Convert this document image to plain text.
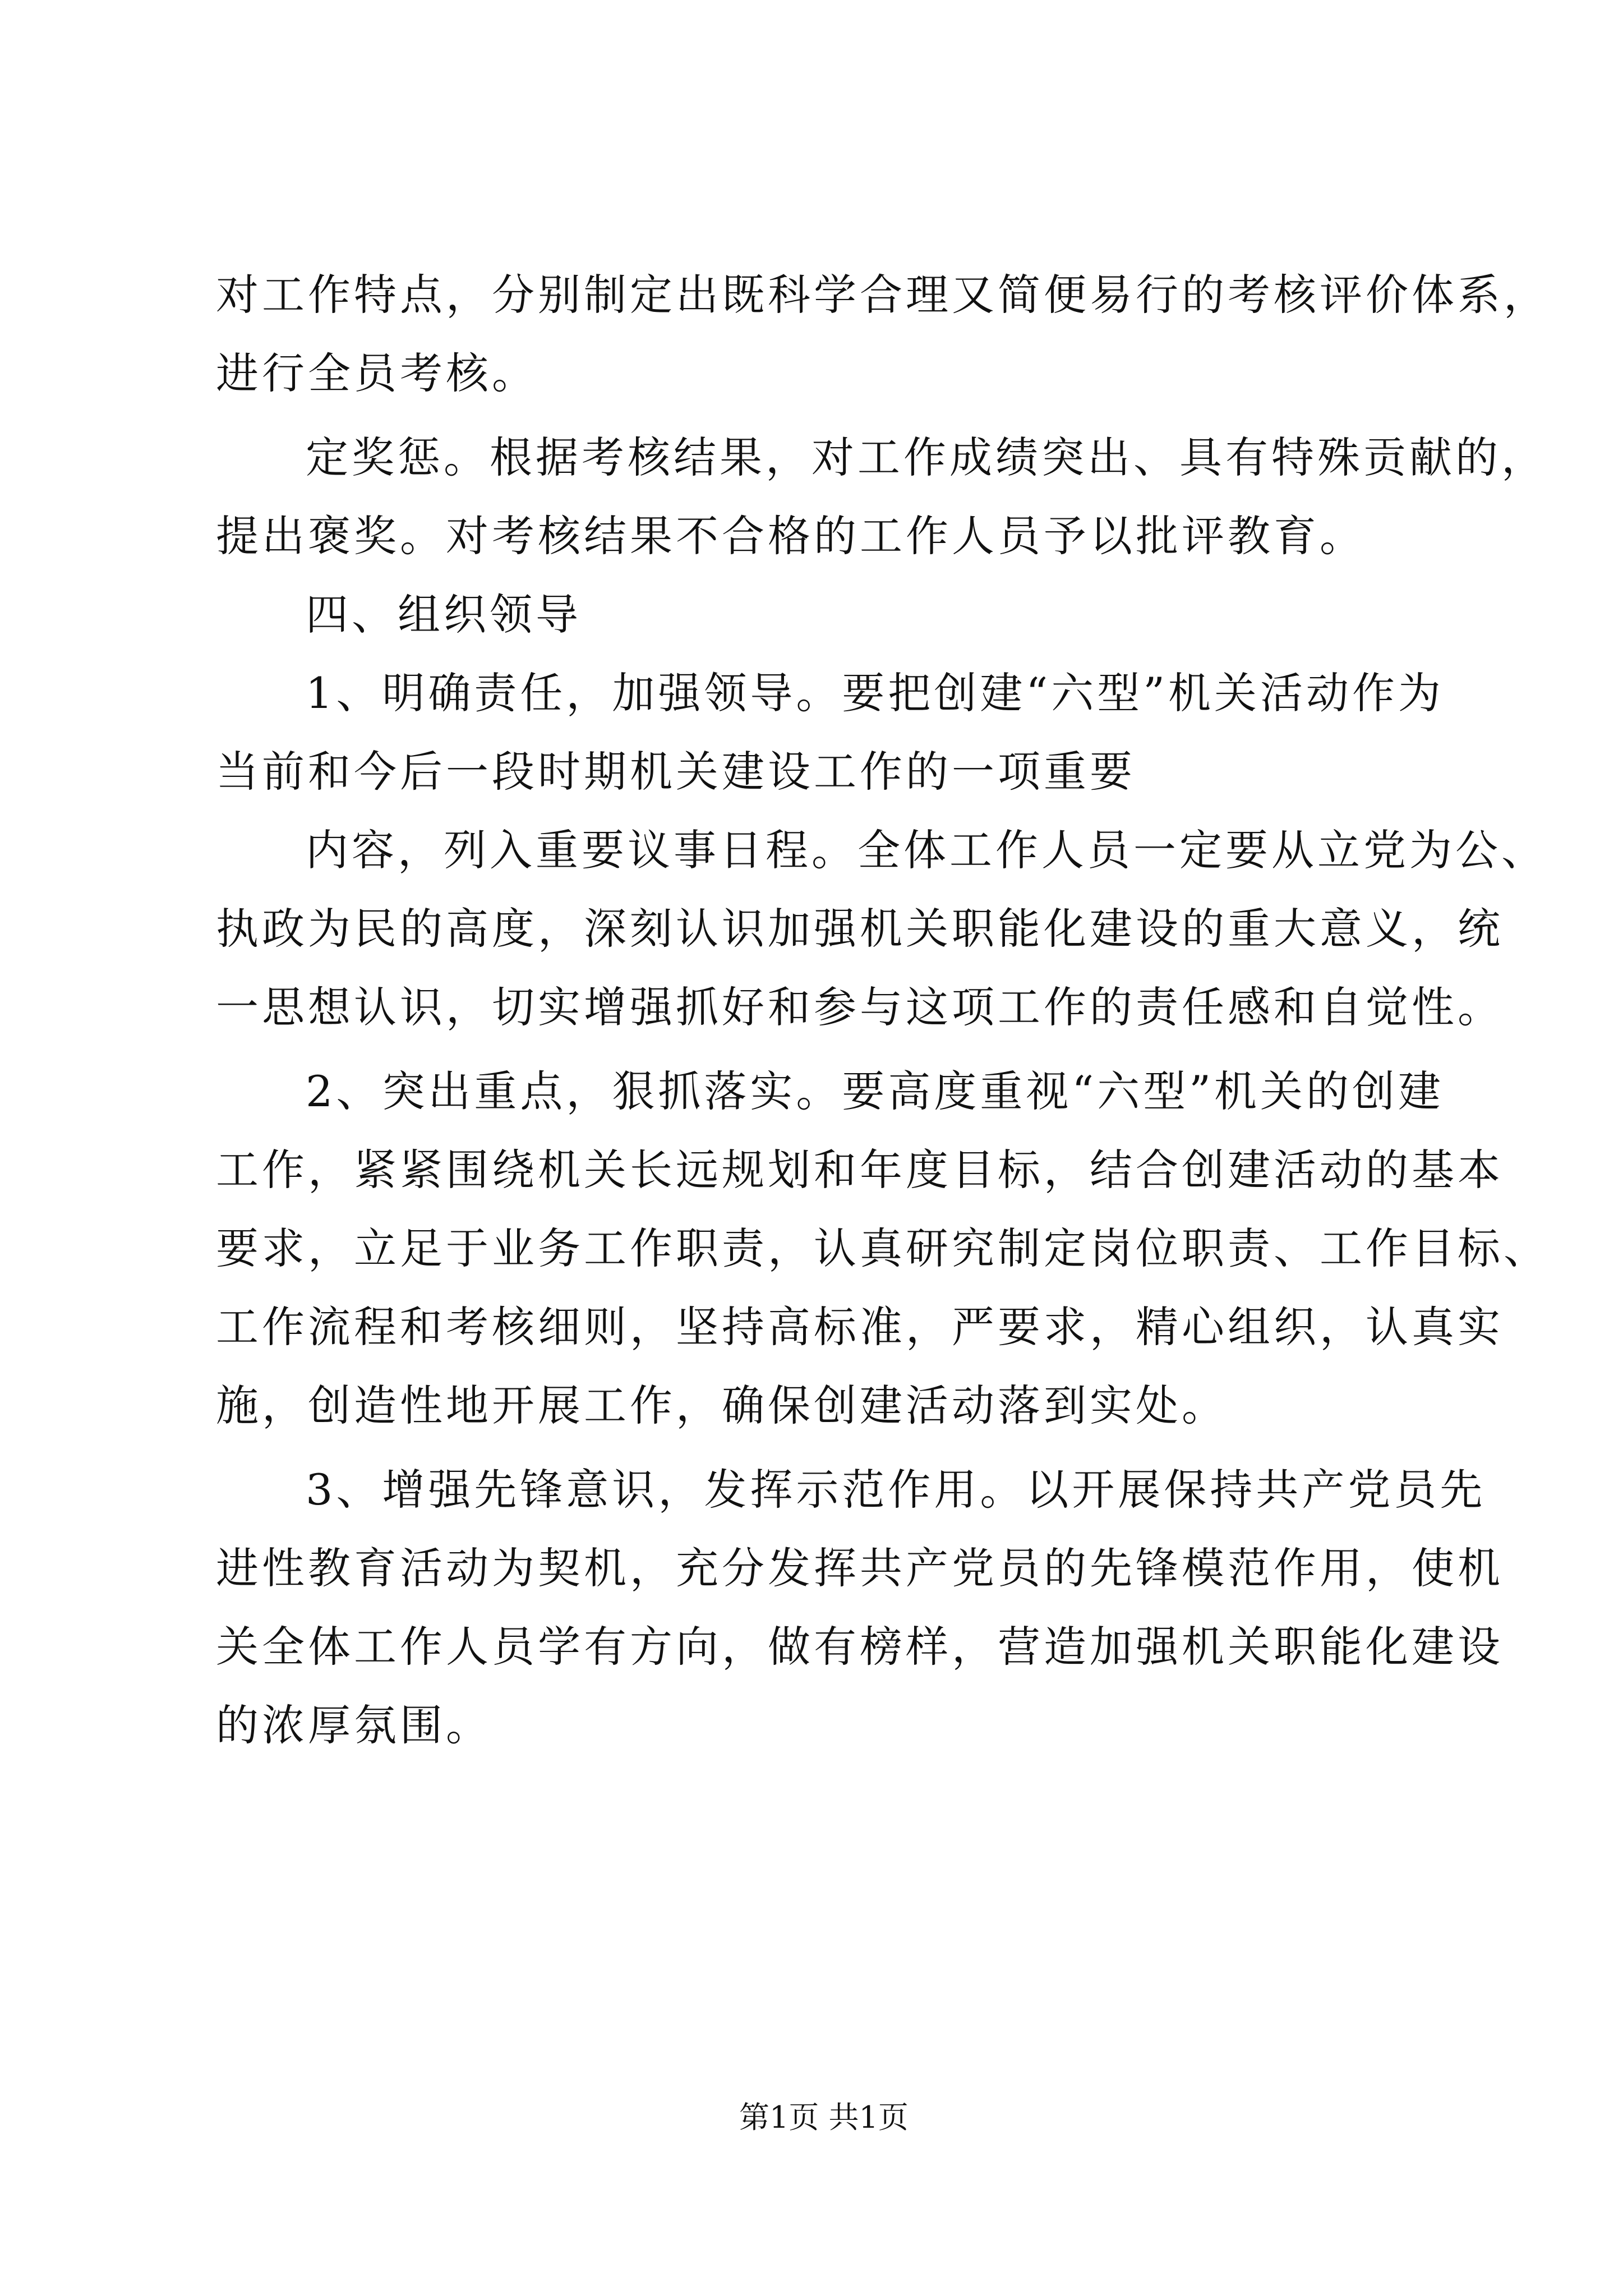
对工作特点，分别制定出既科学合理又简便易行的考核评价体系，

进行全员考核。

定奖惩。根据考核结果，对工作成绩突出、具有特殊贡献的，

提出褒奖。对考核结果不合格的工作人员予以批评教育。

四、组织领导

1、明确责任，加强领导。要把创建“六型”机关活动作为

当前和今后一段时期机关建设工作的一项重要

内容，列入重要议事日程。全体工作人员一定要从立党为公、

执政为民的高度，深刻认识加强机关职能化建设的重大意义，统

一思想认识，切实增强抓好和参与这项工作的责任感和自觉性。

2、突出重点，狠抓落实。要高度重视“六型”机关的创建

工作，紧紧围绕机关长远规划和年度目标，结合创建活动的基本

要求，立足于业务工作职责，认真研究制定岗位职责、工作目标、

工作流程和考核细则，坚持高标准，严要求，精心组织，认真实

施，创造性地开展工作，确保创建活动落到实处。

3、增强先锋意识，发挥示范作用。以开展保持共产党员先

进性教育活动为契机，充分发挥共产党员的先锋模范作用，使机

关全体工作人员学有方向，做有榜样，营造加强机关职能化建设

的浓厚氛围。

第1页 共1页
